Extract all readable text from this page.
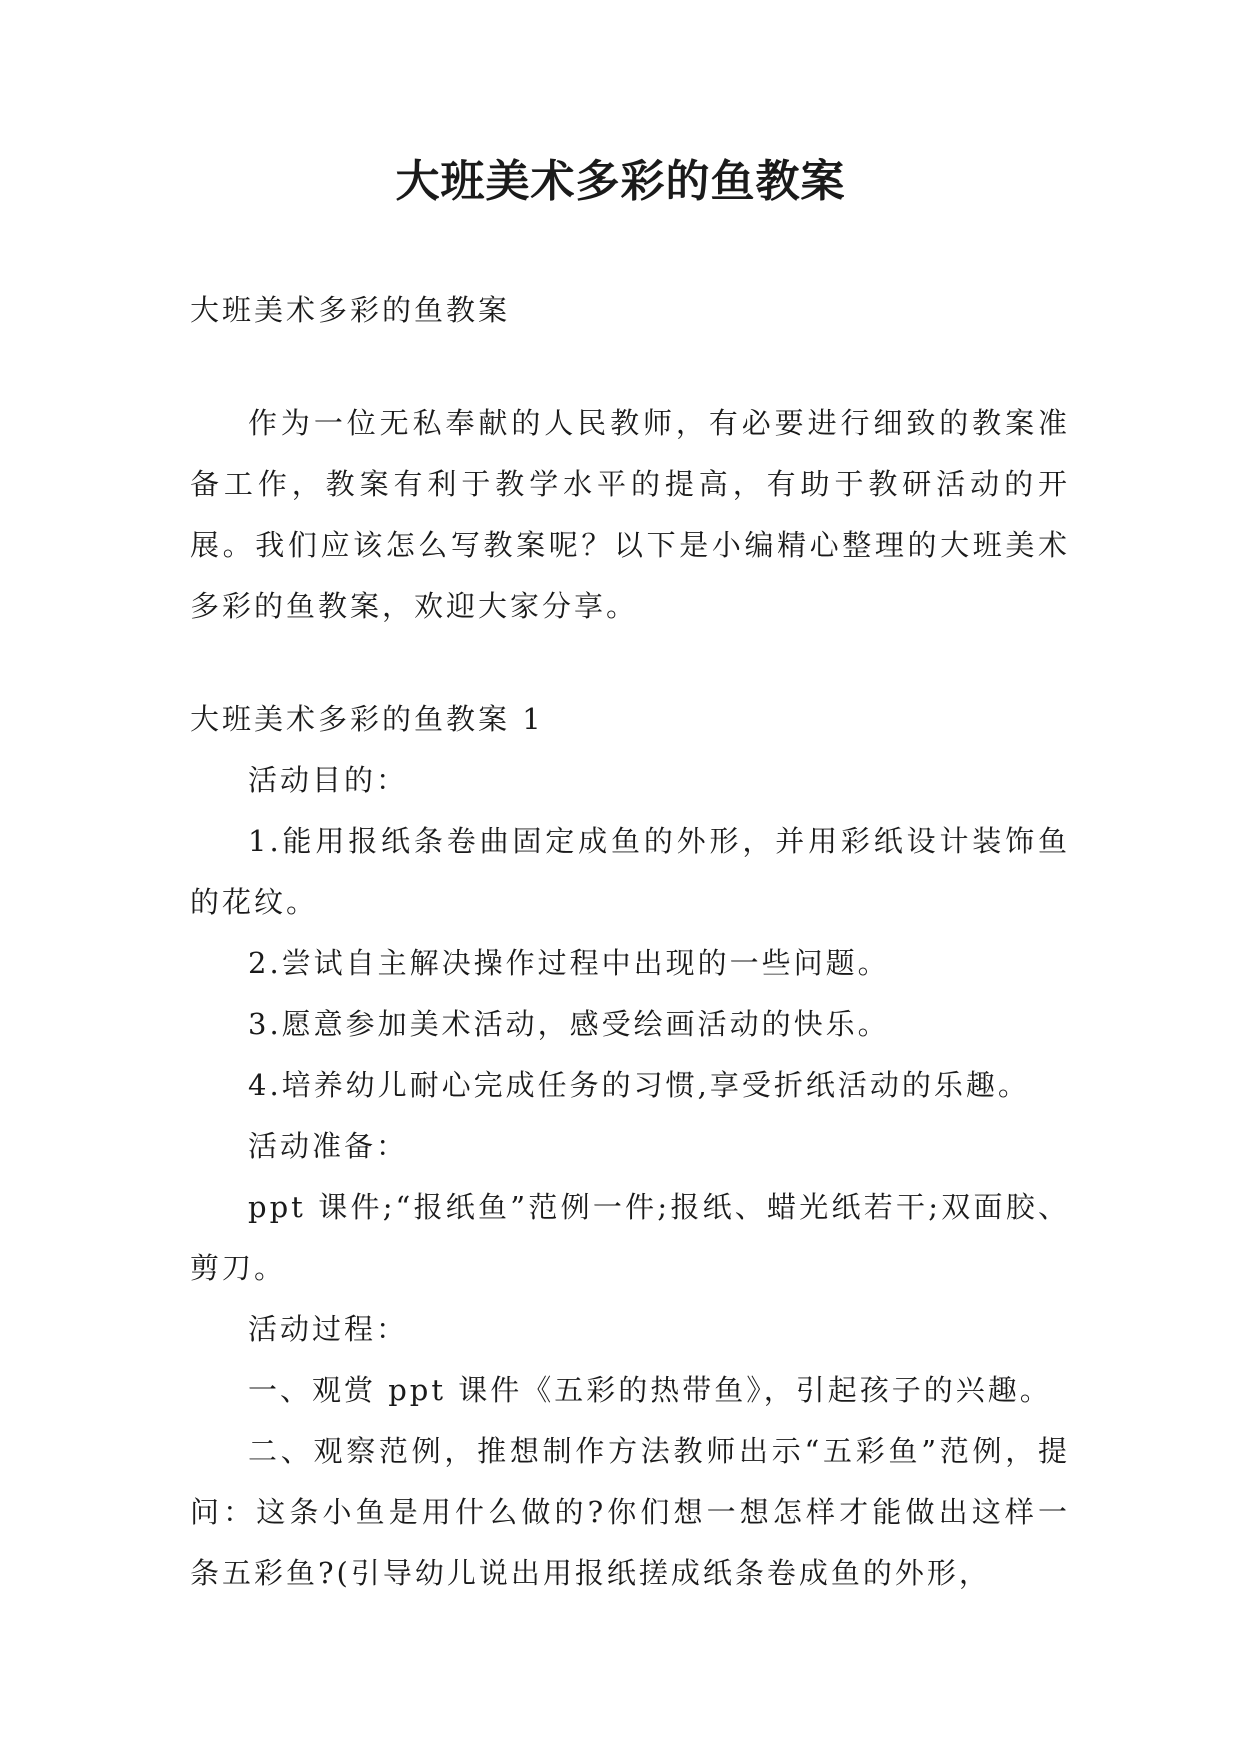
大班美术多彩的鱼教案

大班美术多彩的鱼教案

作为一位无私奉献的人民教师，有必要进行细致的教案准备工作，教案有利于教学水平的提高，有助于教研活动的开展。我们应该怎么写教案呢？以下是小编精心整理的大班美术多彩的鱼教案，欢迎大家分享。

大班美术多彩的鱼教案 1

活动目的：

1.能用报纸条卷曲固定成鱼的外形，并用彩纸设计装饰鱼的花纹。

2.尝试自主解决操作过程中出现的一些问题。

3.愿意参加美术活动，感受绘画活动的快乐。

4.培养幼儿耐心完成任务的习惯,享受折纸活动的乐趣。

活动准备：

ppt 课件;“报纸鱼”范例一件;报纸、蜡光纸若干;双面胶、剪刀。

活动过程：

一、观赏 ppt 课件《五彩的热带鱼》，引起孩子的兴趣。

二、观察范例，推想制作方法教师出示“五彩鱼”范例，提问：这条小鱼是用什么做的?你们想一想怎样才能做出这样一条五彩鱼?(引导幼儿说出用报纸搓成纸条卷成鱼的外形，
